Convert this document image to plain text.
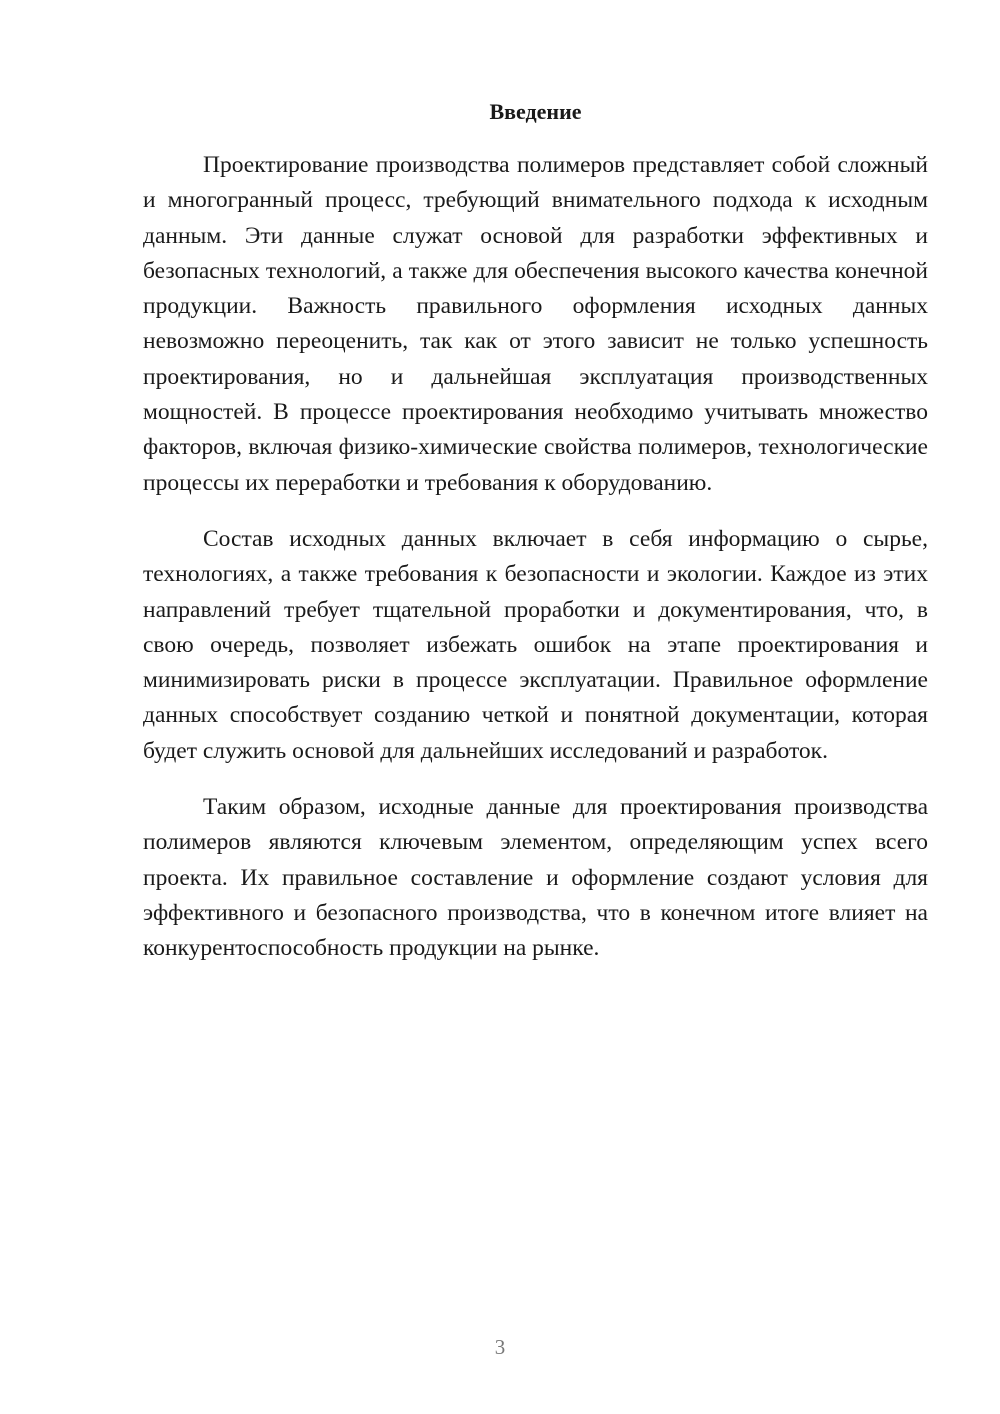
Введение

Проектирование производства полимеров представляет собой сложный и многогранный процесс, требующий внимательного подхода к исходным данным. Эти данные служат основой для разработки эффективных и безопасных технологий, а также для обеспечения высокого качества конечной продукции. Важность правильного оформления исходных данных невозможно переоценить, так как от этого зависит не только успешность проектирования, но и дальнейшая эксплуатация производственных мощностей. В процессе проектирования необходимо учитывать множество факторов, включая физико-химические свойства полимеров, технологические процессы их переработки и требования к оборудованию.

Состав исходных данных включает в себя информацию о сырье, технологиях, а также требования к безопасности и экологии. Каждое из этих направлений требует тщательной проработки и документирования, что, в свою очередь, позволяет избежать ошибок на этапе проектирования и минимизировать риски в процессе эксплуатации. Правильное оформление данных способствует созданию четкой и понятной документации, которая будет служить основой для дальнейших исследований и разработок.

Таким образом, исходные данные для проектирования производства полимеров являются ключевым элементом, определяющим успех всего проекта. Их правильное составление и оформление создают условия для эффективного и безопасного производства, что в конечном итоге влияет на конкурентоспособность продукции на рынке.

3
